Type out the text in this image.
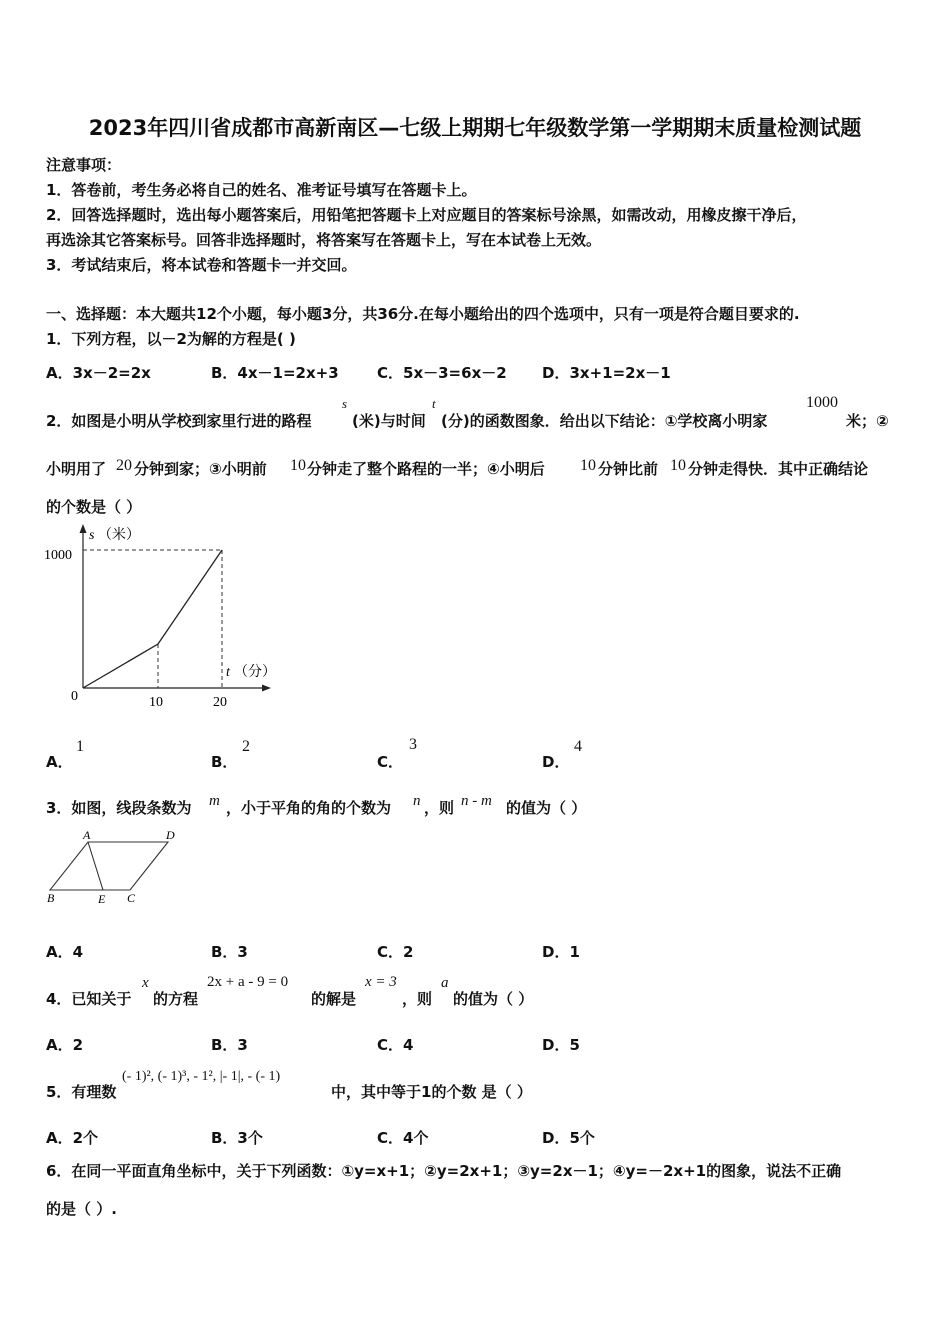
2023年四川省成都市高新南区—七级上期期七年级数学第一学期期末质量检测试题
注意事项：
1．答卷前，考生务必将自己的姓名、准考证号填写在答题卡上。
2．回答选择题时，选出每小题答案后，用铅笔把答题卡上对应题目的答案标号涂黑，如需改动，用橡皮擦干净后，
再选涂其它答案标号。回答非选择题时，将答案写在答题卡上，写在本试卷上无效。
3．考试结束后，将本试卷和答题卡一并交回。
一、选择题：本大题共12个小题，每小题3分，共36分.在每小题给出的四个选项中，只有一项是符合题目要求的.
1．下列方程，以－2为解的方程是( )
A．3x－2=2x	B．4x－1=2x+3	C．5x－3=6x－2 D．3x+1=2x－1
2．如图是小明从学校到家里行进的路程
s
(米)与时间
t
(分)的函数图象．给出以下结论：①学校离小明家
1000
米；②
小明用了 20 分钟到家；③小明前 10 分钟走了整个路程的一半；④小明后 10 分钟比前 10 分钟走得快．其中正确结论
的个数是（ ）
s （米）
1000
t （分）
0	10	20
A．
1
B．
2
C．
3
D．
4
3．如图，线段条数为 m ，小于平角的角的个数为 n ，则 n - m 的值为（ ）
A	D
B	E C
A．4	B．3	C．2	D．1
4．已知关于
x
的方程
2x + a - 9 = 0
的解是
x = 3
，则
a
的值为（ ）
A．2	B．3	C．4	D．5
5．有理数
(- 1)², (- 1)³, - 1², |- 1|, - (- 1)
中，其中等于1的个数 是（ ）
A．2个	B．3个	C．4个	D．5个
6．在同一平面直角坐标中，关于下列函数：①y=x+1；②y=2x+1；③y=2x－1；④y=－2x+1的图象，说法不正确
的是（ ）.
